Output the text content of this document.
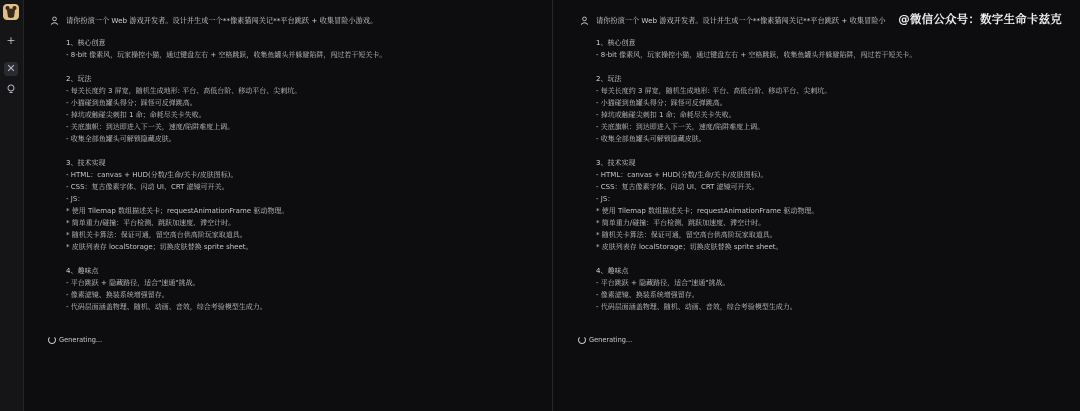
+
✕
@微信公众号：数字生命卡兹克
请你扮演一个 Web 游戏开发者。设计并生成一个**像素猫闯关记**平台跳跃 + 收集冒险小游戏。
1、核心创意
- 8-bit 像素风，玩家操控小猫，通过键盘左右 + 空格跳跃，收集鱼罐头并躲避陷阱，闯过若干短关卡。
2、玩法
- 每关长度约 3 屏宽，随机生成地形: 平台、高低台阶、移动平台、尖刺坑。
- 小猫碰到鱼罐头得分；踩怪可反弹跳高。
- 掉坑或触碰尖刺扣 1 命；命耗尽关卡失败。
- 关底旗帜：到达即进入下一关，速度/陷阱难度上调。
- 收集全部鱼罐头可解锁隐藏皮肤。
3、技术实现
- HTML：canvas + HUD(分数/生命/关卡/皮肤图标)。
- CSS：复古像素字体、闪动 UI、CRT 滤镜可开关。
- JS：
* 使用 Tilemap 数组描述关卡；requestAnimationFrame 驱动物理。
* 简单重力/碰撞：平台检测、跳跃加速度、滞空计时。
* 随机关卡算法：保证可通，留空高台供高阶玩家取道具。
* 皮肤列表存 localStorage；切换皮肤替换 sprite sheet。
4、趣味点
- 平台跳跃 + 隐藏路径，适合"速通"挑战。
- 像素滤镜、换装系统增强留存。
- 代码层面涵盖物理、随机、动画、音效，综合考验模型生成力。
Generating...
请你扮演一个 Web 游戏开发者。设计并生成一个**像素猫闯关记**平台跳跃 + 收集冒险小
1、核心创意
- 8-bit 像素风，玩家操控小猫，通过键盘左右 + 空格跳跃，收集鱼罐头并躲避陷阱，闯过若干短关卡。
2、玩法
- 每关长度约 3 屏宽，随机生成地形: 平台、高低台阶、移动平台、尖刺坑。
- 小猫碰到鱼罐头得分；踩怪可反弹跳高。
- 掉坑或触碰尖刺扣 1 命；命耗尽关卡失败。
- 关底旗帜：到达即进入下一关，速度/陷阱难度上调。
- 收集全部鱼罐头可解锁隐藏皮肤。
3、技术实现
- HTML：canvas + HUD(分数/生命/关卡/皮肤图标)。
- CSS：复古像素字体、闪动 UI、CRT 滤镜可开关。
- JS：
* 使用 Tilemap 数组描述关卡；requestAnimationFrame 驱动物理。
* 简单重力/碰撞：平台检测、跳跃加速度、滞空计时。
* 随机关卡算法：保证可通，留空高台供高阶玩家取道具。
* 皮肤列表存 localStorage；切换皮肤替换 sprite sheet。
4、趣味点
- 平台跳跃 + 隐藏路径，适合"速通"挑战。
- 像素滤镜、换装系统增强留存。
- 代码层面涵盖物理、随机、动画、音效，综合考验模型生成力。
Generating...
